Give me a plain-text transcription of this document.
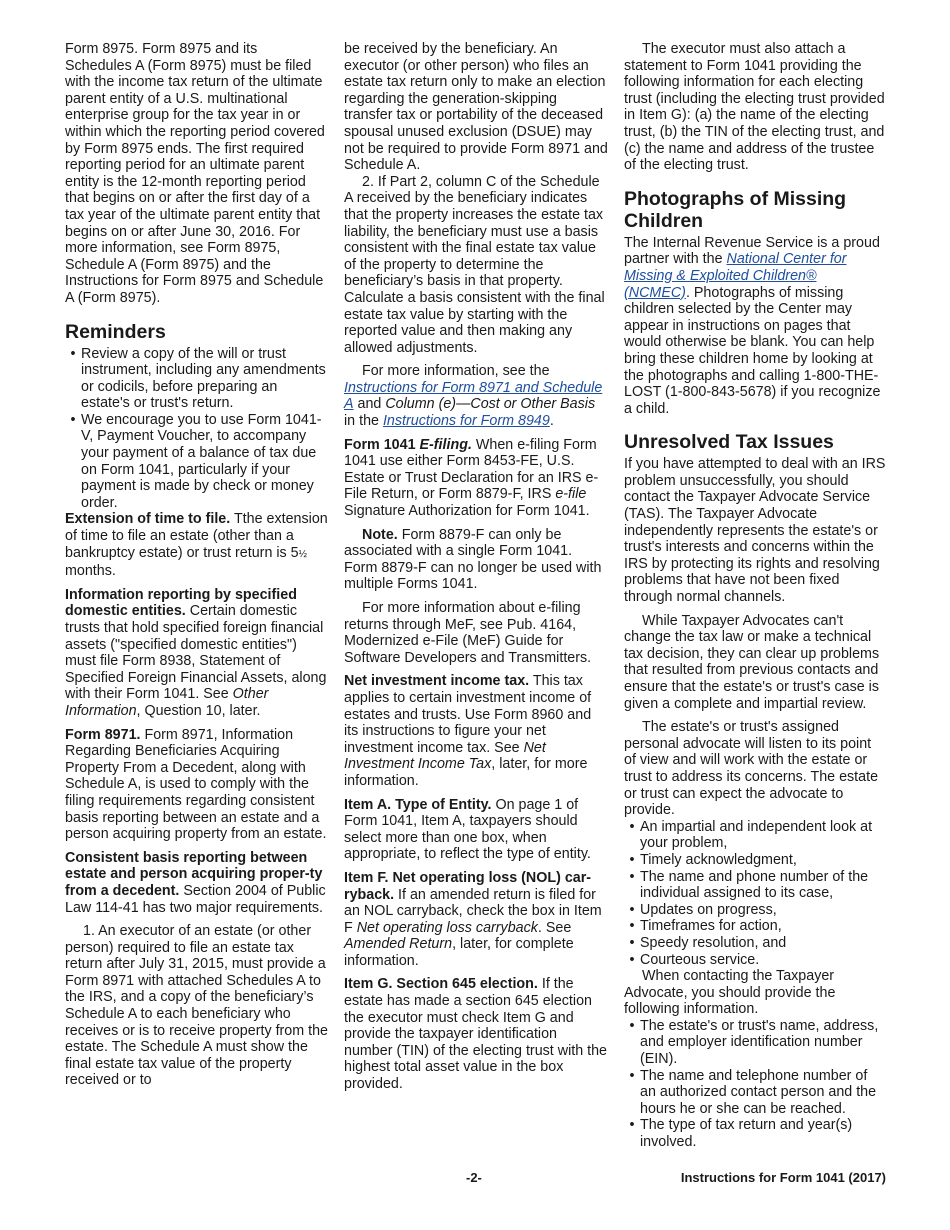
Form 8975. Form 8975 and its Schedules A (Form 8975) must be filed with the income tax return of the ultimate parent entity of a U.S. multinational enterprise group for the tax year in or within which the reporting period covered by Form 8975 ends. The first required reporting period for an ultimate parent entity is the 12-month reporting period that begins on or after the first day of a tax year of the ultimate parent entity that begins on or after June 30, 2016. For more information, see Form 8975, Schedule A (Form 8975) and the Instructions for Form 8975 and Schedule A (Form 8975).

Reminders
• Review a copy of the will or trust instrument, including any amendments or codicils, before preparing an estate's or trust's return.

• We encourage you to use Form 1041-V, Payment Voucher, to accompany your payment of a balance of tax due on Form 1041, particularly if your payment is made by check or money order.

Extension of time to file. Tthe extension of time to file an estate (other than a bankruptcy estate) or trust return is 5½ months.

Information reporting by specified domestic entities. Certain domestic trusts that hold specified foreign financial assets ("specified domestic entities") must file Form 8938, Statement of Specified Foreign Financial Assets, along with their Form 1041. See Other Information, Question 10, later.

Form 8971. Form 8971, Information Regarding Beneficiaries Acquiring Property From a Decedent, along with Schedule A, is used to comply with the filing requirements regarding consistent basis reporting between an estate and a person acquiring property from an estate.

Consistent basis reporting between estate and person acquiring proper-ty from a decedent. Section 2004 of Public Law 114-41 has two major requirements.

1. An executor of an estate (or other person) required to file an estate tax return after July 31, 2015, must provide a Form 8971 with attached Schedules A to the IRS, and a copy of the beneficiary’s Schedule A to each beneficiary who receives or is to receive property from the estate. The Schedule A must show the final estate tax value of the property received or to

be received by the beneficiary. An executor (or other person) who files an estate tax return only to make an election regarding the generation-skipping transfer tax or portability of the deceased spousal unused exclusion (DSUE) may not be required to provide Form 8971 and Schedule A.

2. If Part 2, column C of the Schedule A received by the beneficiary indicates that the property increases the estate tax liability, the beneficiary must use a basis consistent with the final estate tax value of the property to determine the beneficiary’s basis in that property. Calculate a basis consistent with the final estate tax value by starting with the reported value and then making any allowed adjustments.

For more information, see the Instructions for Form 8971 and Schedule A and Column (e)—Cost or Other Basis in the Instructions for Form 8949.

Form 1041 E-filing. When e-filing Form 1041 use either Form 8453-FE, U.S. Estate or Trust Declaration for an IRS e-File Return, or Form 8879-F, IRS e-file Signature Authorization for Form 1041.

Note. Form 8879-F can only be associated with a single Form 1041. Form 8879-F can no longer be used with multiple Forms 1041.

For more information about e-filing returns through MeF, see Pub. 4164, Modernized e-File (MeF) Guide for Software Developers and Transmitters.

Net investment income tax. This tax applies to certain investment income of estates and trusts. Use Form 8960 and its instructions to figure your net investment income tax. See Net Investment Income Tax, later, for more information.

Item A. Type of Entity. On page 1 of Form 1041, Item A, taxpayers should select more than one box, when appropriate, to reflect the type of entity.

Item F. Net operating loss (NOL) car-ryback. If an amended return is filed for an NOL carryback, check the box in Item F Net operating loss carryback. See Amended Return, later, for complete information.

Item G. Section 645 election. If the estate has made a section 645 election the executor must check Item G and provide the taxpayer identification number (TIN) of the electing trust with the highest total asset value in the box provided.

The executor must also attach a statement to Form 1041 providing the following information for each electing trust (including the electing trust provided in Item G): (a) the name of the electing trust, (b) the TIN of the electing trust, and (c) the name and address of the trustee of the electing trust.

Photographs of Missing Children

The Internal Revenue Service is a proud partner with the National Center for Missing & Exploited Children® (NCMEC). Photographs of missing children selected by the Center may appear in instructions on pages that would otherwise be blank. You can help bring these children home by looking at the photographs and calling 1-800-THE-LOST (1-800-843-5678) if you recognize a child.

Unresolved Tax Issues

If you have attempted to deal with an IRS problem unsuccessfully, you should contact the Taxpayer Advocate Service (TAS). The Taxpayer Advocate independently represents the estate's or trust's interests and concerns within the IRS by protecting its rights and resolving problems that have not been fixed through normal channels.

While Taxpayer Advocates can't change the tax law or make a technical tax decision, they can clear up problems that resulted from previous contacts and ensure that the estate's or trust's case is given a complete and impartial review.

The estate's or trust's assigned personal advocate will listen to its point of view and will work with the estate or trust to address its concerns. The estate or trust can expect the advocate to provide.

• An impartial and independent look at your problem,
• Timely acknowledgment,
• The name and phone number of the individual assigned to its case,
• Updates on progress,
• Timeframes for action,
• Speedy resolution, and

• Courteous service.

When contacting the Taxpayer Advocate, you should provide the following information.

• The estate's or trust's name, address, and employer identification number (EIN).
• The name and telephone number of an authorized contact person and the hours he or she can be reached.
• The type of tax return and year(s) involved.
-2-	Instructions for Form 1041 (2017)
